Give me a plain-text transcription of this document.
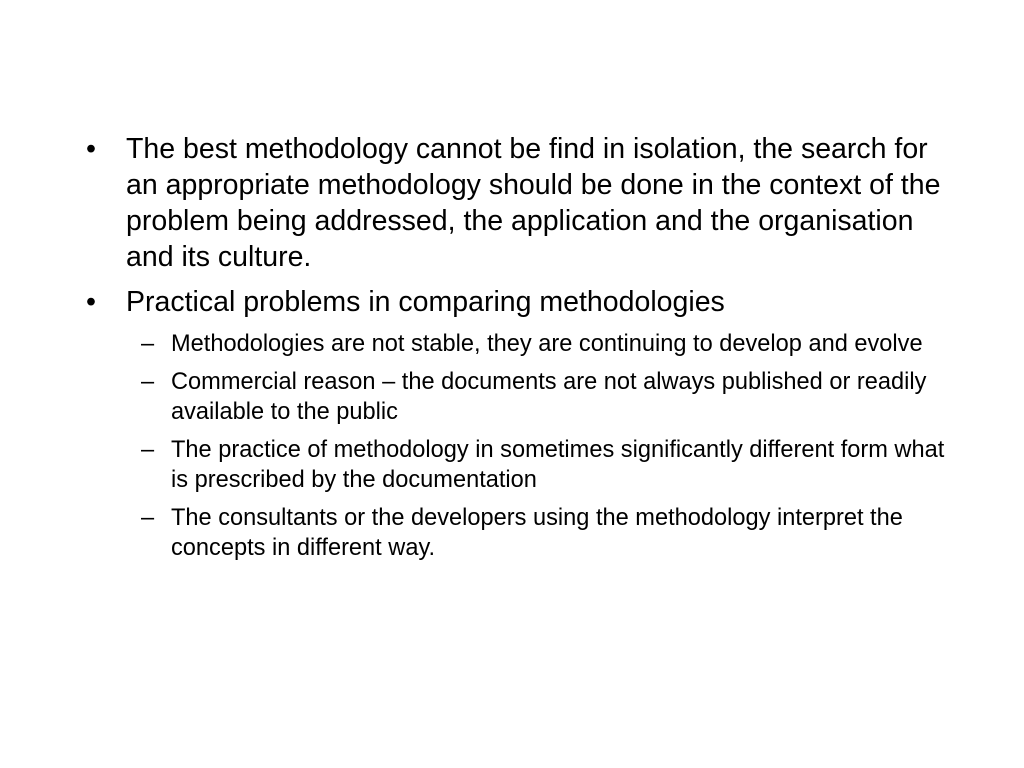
• The best methodology cannot be find in isolation, the search for an appropriate methodology should be done in the context of the problem being addressed, the application and the organisation and its culture.
• Practical problems in comparing methodologies
– Methodologies are not stable, they are continuing to develop and evolve
– Commercial reason – the documents are not always published or readily available to the public
– The practice of methodology in sometimes significantly different form what is prescribed by the documentation
– The consultants or the developers using the methodology interpret the concepts in different way.
